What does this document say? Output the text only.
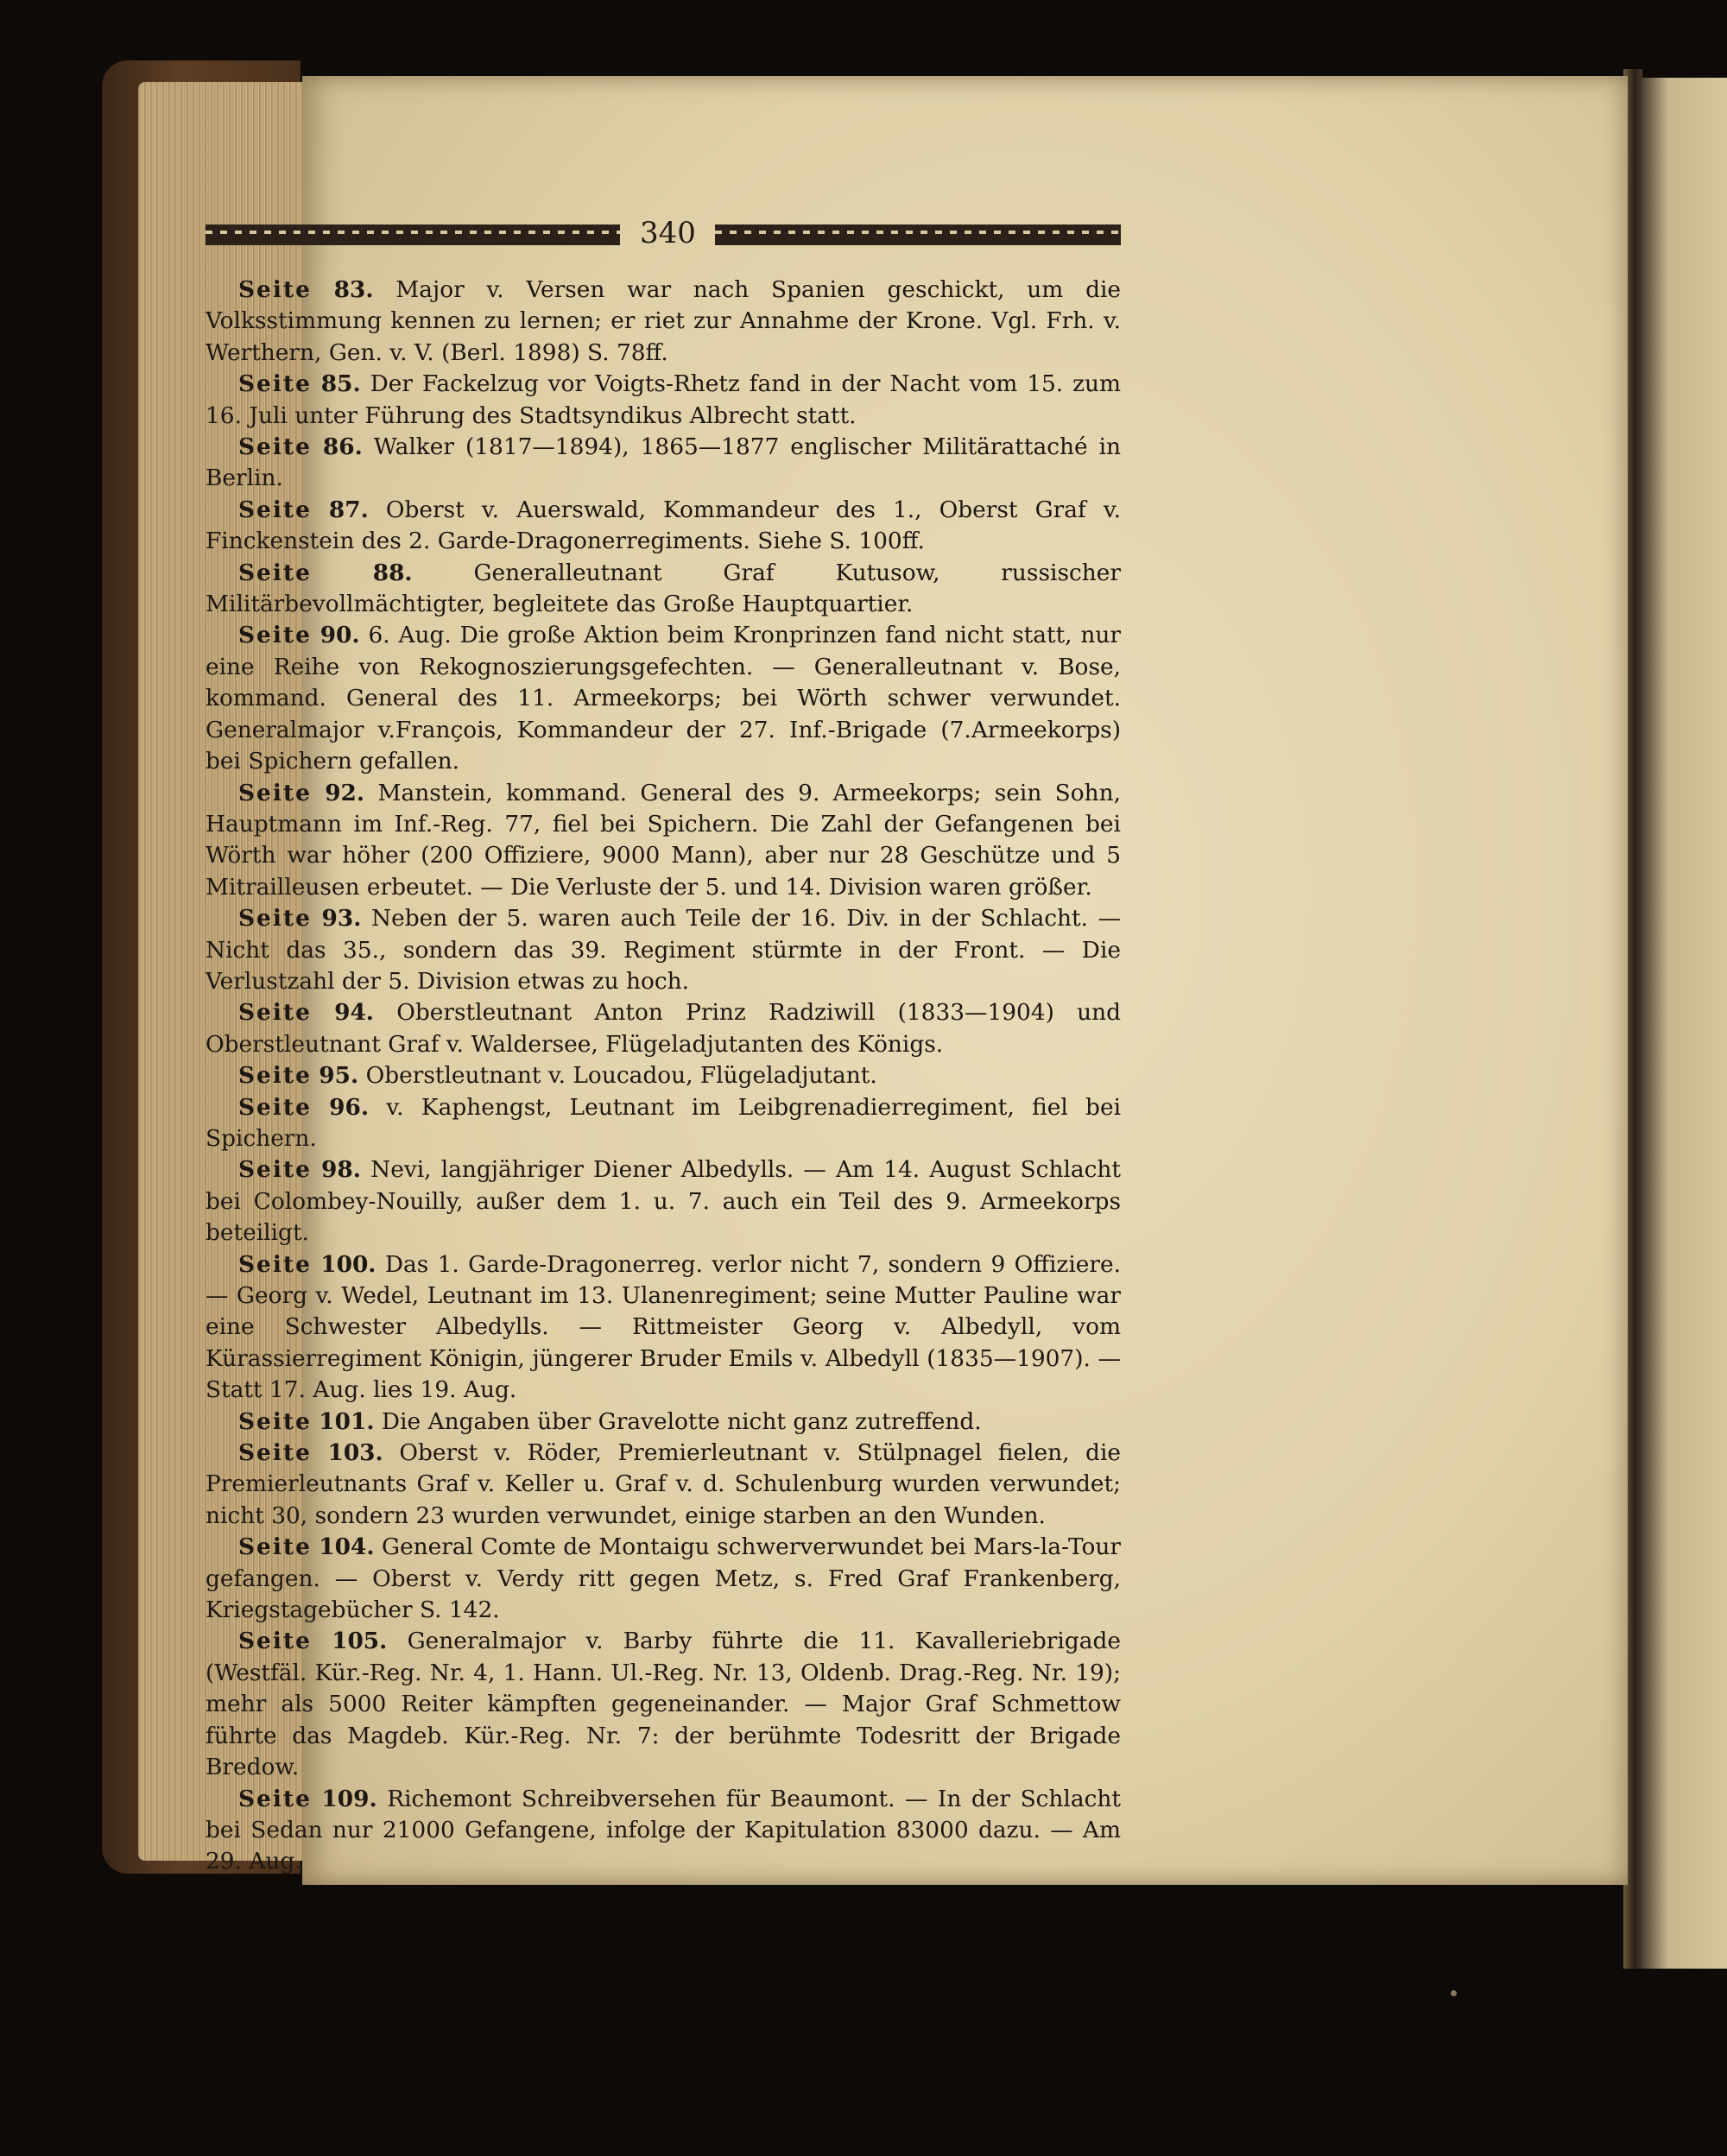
340

Seite 83. Major v. Versen war nach Spanien geschickt, um die Volksstimmung kennen zu lernen; er riet zur Annahme der Krone. Vgl. Frh. v. Werthern, Gen. v. V. (Berl. 1898) S. 78ff.

Seite 85. Der Fackelzug vor Voigts-Rhetz fand in der Nacht vom 15. zum 16. Juli unter Führung des Stadtsyndikus Albrecht statt.

Seite 86. Walker (1817—1894), 1865—1877 englischer Militärattaché in Berlin.

Seite 87. Oberst v. Auerswald, Kommandeur des 1., Oberst Graf v. Finckenstein des 2. Garde-Dragonerregiments. Siehe S. 100ff.

Seite	88.	Generalleutnant Graf Kutusow, russischer Militärbevollmächtigter, begleitete das Große Hauptquartier.

Seite 90. 6. Aug. Die große Aktion beim Kronprinzen fand nicht statt, nur eine Reihe von Rekognoszierungsgefechten. — Generalleutnant v. Bose, kommand. General des 11. Armeekorps; bei Wörth schwer verwundet. Generalmajor v.François, Kommandeur der 27. Inf.-Brigade (7.Armeekorps) bei Spichern gefallen.

Seite 92. Manstein, kommand. General des 9. Armeekorps; sein Sohn, Hauptmann im Inf.-Reg. 77, fiel bei Spichern. Die Zahl der Gefangenen bei Wörth war höher (200 Offiziere, 9000 Mann), aber nur 28 Geschütze und 5 Mitrailleusen erbeutet. — Die Verluste der 5. und 14. Division waren größer.

Seite 93. Neben der 5. waren auch Teile der 16. Div. in der Schlacht. — Nicht das 35., sondern das 39. Regiment stürmte in der Front. — Die Verlustzahl der 5. Division etwas zu hoch.

Seite 94. Oberstleutnant Anton Prinz Radziwill (1833—1904) und Oberstleutnant Graf v. Waldersee, Flügeladjutanten des Königs.

Seite 95. Oberstleutnant v. Loucadou, Flügeladjutant.

Seite 96. v. Kaphengst, Leutnant im Leibgrenadierregiment, fiel bei Spichern.

Seite 98. Nevi, langjähriger Diener Albedylls. — Am 14. August Schlacht bei Colombey-Nouilly, außer dem 1. u. 7. auch ein Teil des 9. Armeekorps beteiligt.

Seite 100. Das 1. Garde-Dragonerreg. verlor nicht 7, sondern 9 Offiziere. — Georg v. Wedel, Leutnant im 13. Ulanenregiment; seine Mutter Pauline war eine Schwester Albedylls. — Rittmeister Georg v. Albedyll, vom Kürassierregiment Königin, jüngerer Bruder Emils v. Albedyll (1835—1907). — Statt 17. Aug. lies 19. Aug.

Seite 101. Die Angaben über Gravelotte nicht ganz zutreffend.

Seite 103. Oberst v. Röder, Premierleutnant v. Stülpnagel fielen, die Premierleutnants Graf v. Keller u. Graf v. d. Schulenburg wurden verwundet; nicht 30, sondern 23 wurden verwundet, einige starben an den Wunden.

Seite 104. General Comte de Montaigu schwerverwundet bei Mars-la-Tour gefangen. — Oberst v. Verdy ritt gegen Metz, s. Fred Graf Frankenberg, Kriegstagebücher S. 142.

Seite 105. Generalmajor v. Barby führte die 11. Kavalleriebrigade (Westfäl. Kür.-Reg. Nr. 4, 1. Hann. Ul.-Reg. Nr. 13, Oldenb. Drag.-Reg. Nr. 19); mehr als 5000 Reiter kämpften gegeneinander. — Major Graf Schmettow führte das Magdeb. Kür.-Reg. Nr. 7: der berühmte Todesritt der Brigade Bredow.

Seite 109. Richemont Schreibversehen für Beaumont. — In der Schlacht bei Sedan nur 21000 Gefangene, infolge der Kapitulation 83000 dazu. — Am 29. Aug.
